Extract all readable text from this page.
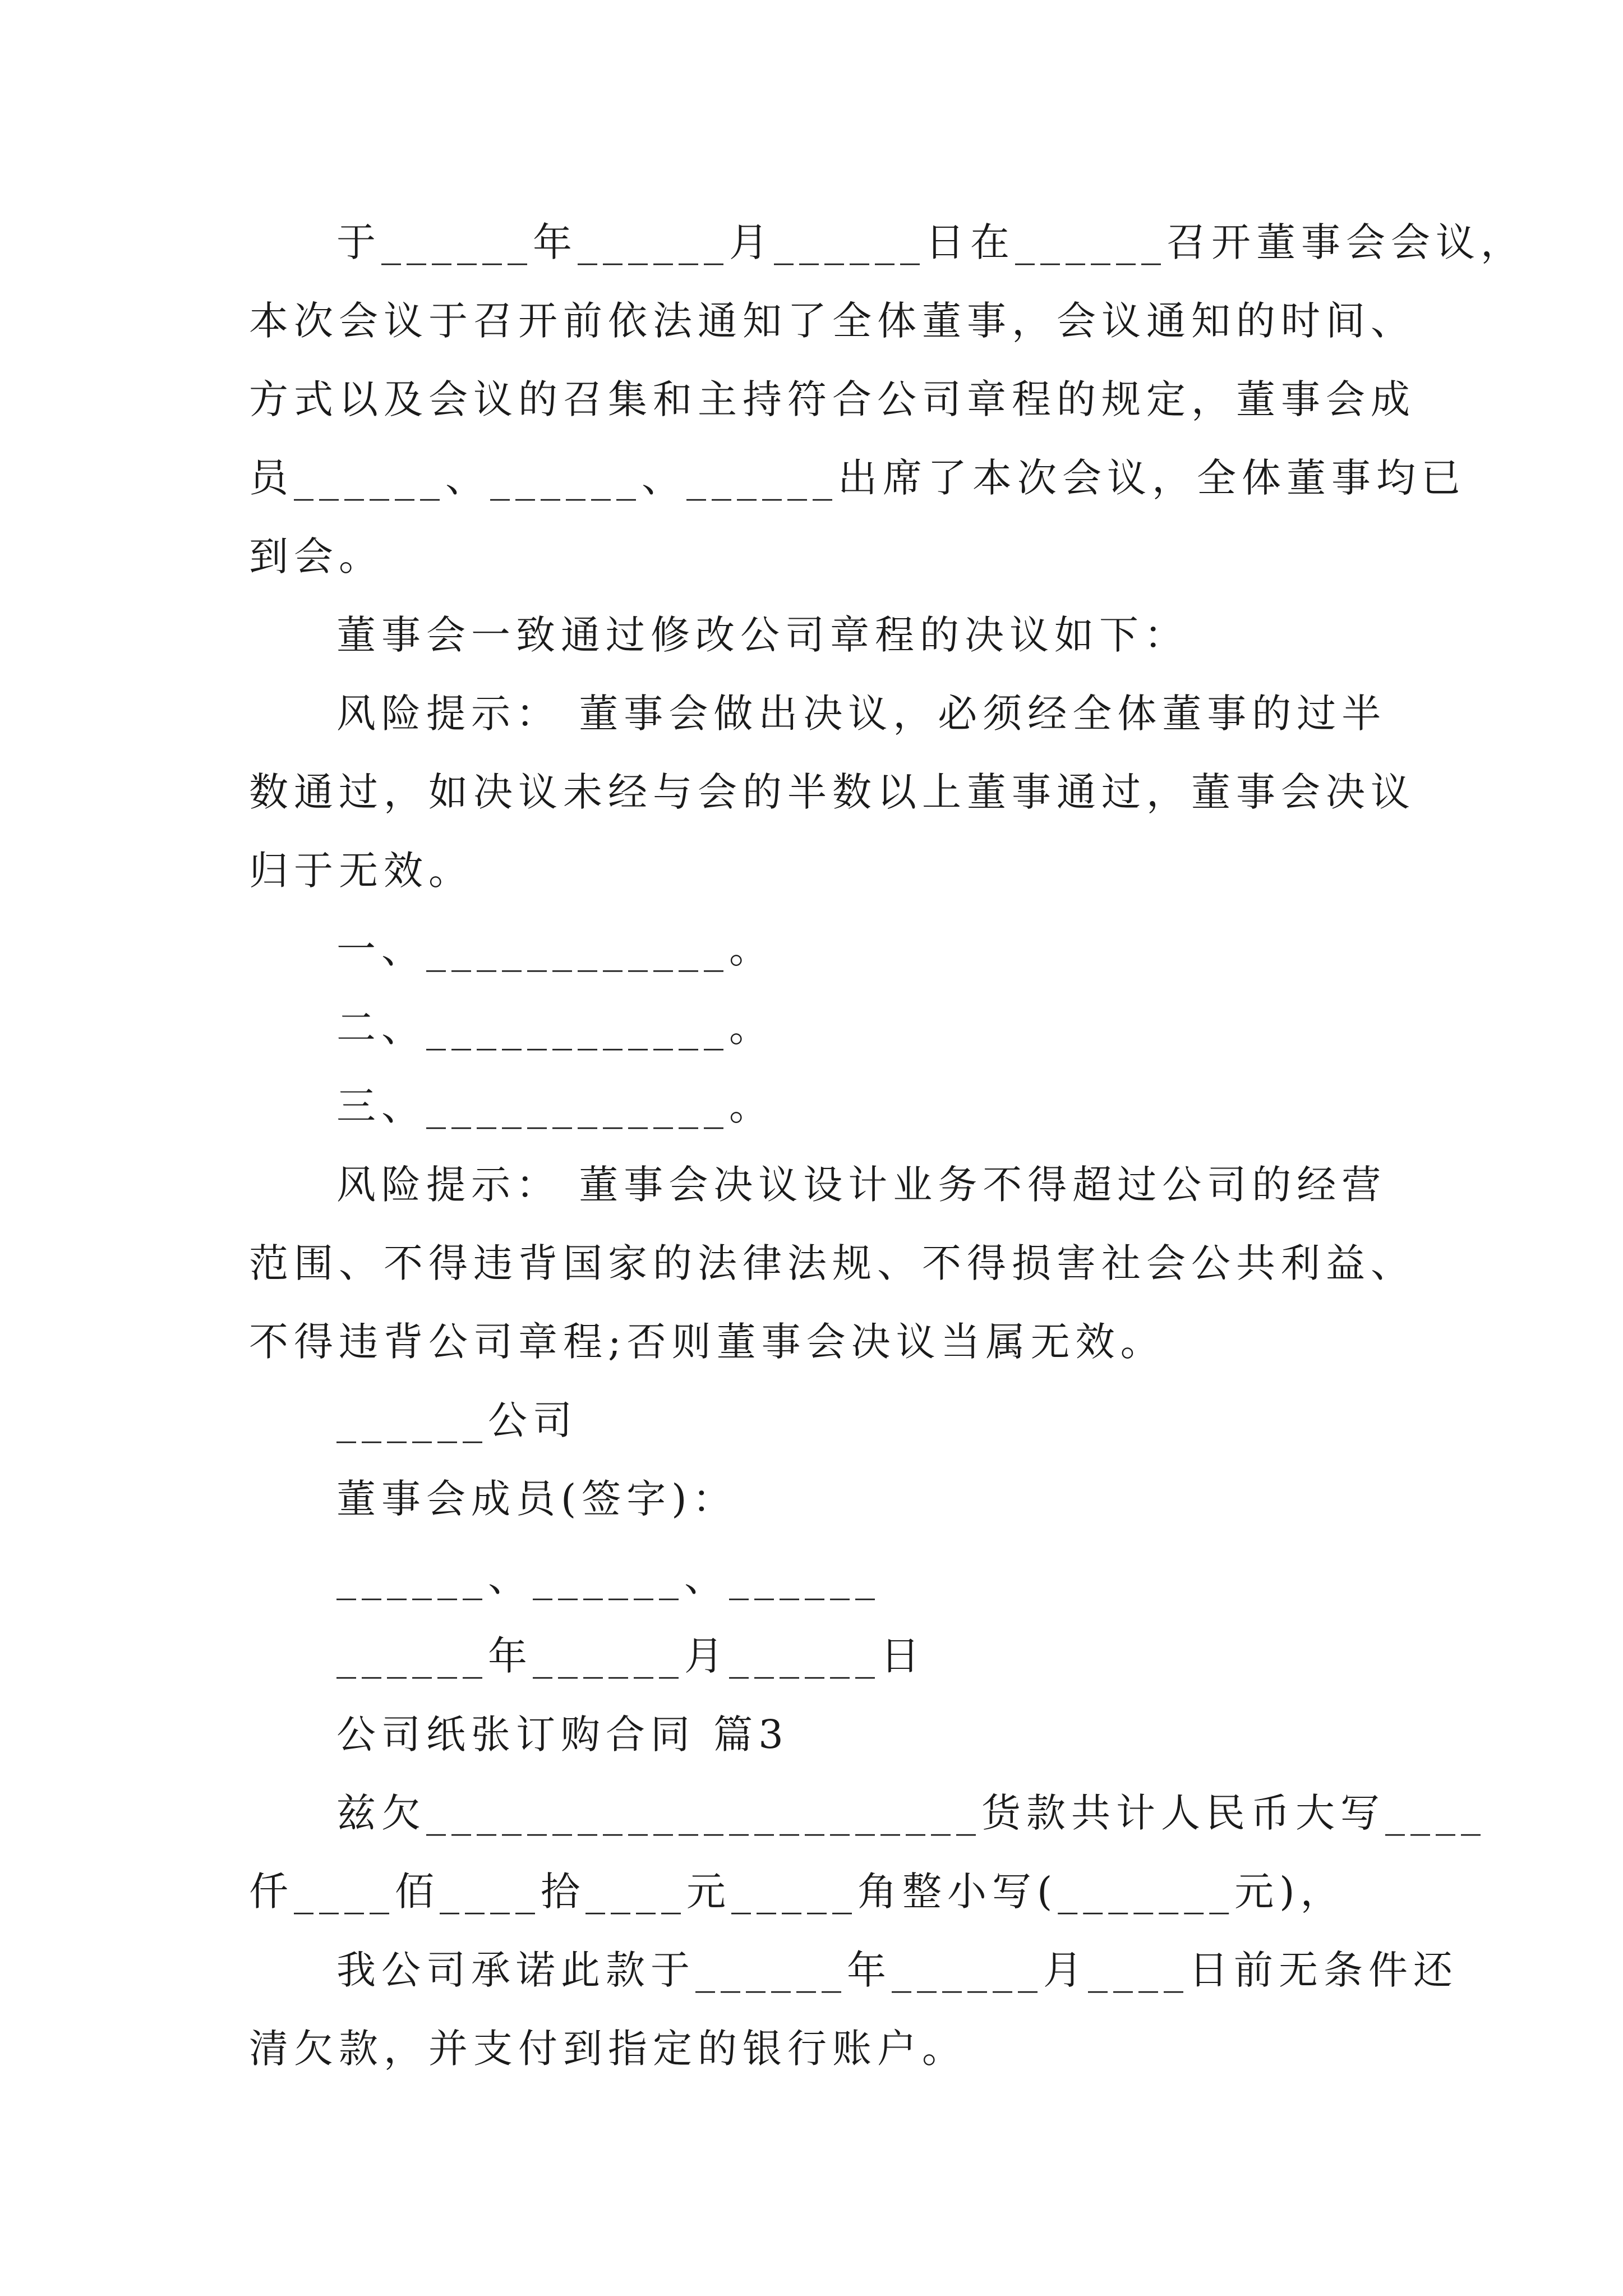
于______年______月______日在______召开董事会会议，

本次会议于召开前依法通知了全体董事，会议通知的时间、

方式以及会议的召集和主持符合公司章程的规定，董事会成

员______、______、______出席了本次会议，全体董事均已

到会。

董事会一致通过修改公司章程的决议如下：

风险提示： 董事会做出决议，必须经全体董事的过半

数通过，如决议未经与会的半数以上董事通过，董事会决议

归于无效。

一、____________。

二、____________。

三、____________。

风险提示： 董事会决议设计业务不得超过公司的经营

范围、不得违背国家的法律法规、不得损害社会公共利益、

不得违背公司章程;否则董事会决议当属无效。

______公司

董事会成员(签字)：

______、______、______

______年______月______日

公司纸张订购合同 篇3

兹欠______________________货款共计人民币大写____

仟____佰____拾____元_____角整小写(_______元)，

我公司承诺此款于______年______月____日前无条件还

清欠款，并支付到指定的银行账户。
